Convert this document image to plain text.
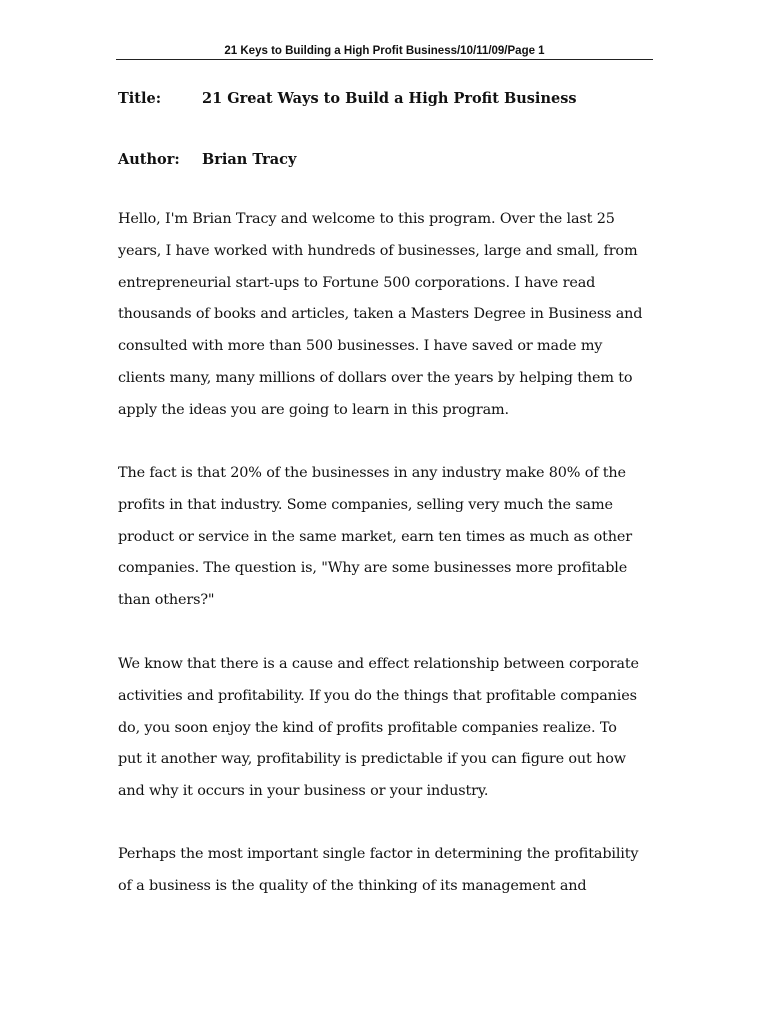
21 Keys to Building a High Profit Business/10/11/09/Page 1
Title:	21 Great Ways to Build a High Profit Business
Author: Brian Tracy

Hello, I'm Brian Tracy and welcome to this program. Over the last 25
years, I have worked with hundreds of businesses, large and small, from
entrepreneurial start-ups to Fortune 500 corporations. I have read
thousands of books and articles, taken a Masters Degree in Business and
consulted with more than 500 businesses. I have saved or made my
clients many, many millions of dollars over the years by helping them to
apply the ideas you are going to learn in this program.

The fact is that 20% of the businesses in any industry make 80% of the
profits in that industry. Some companies, selling very much the same
product or service in the same market, earn ten times as much as other
companies. The question is, "Why are some businesses more profitable
than others?"

We know that there is a cause and effect relationship between corporate
activities and profitability. If you do the things that profitable companies
do, you soon enjoy the kind of profits profitable companies realize. To
put it another way, profitability is predictable if you can figure out how
and why it occurs in your business or your industry.

Perhaps the most important single factor in determining the profitability
of a business is the quality of the thinking of its management and
